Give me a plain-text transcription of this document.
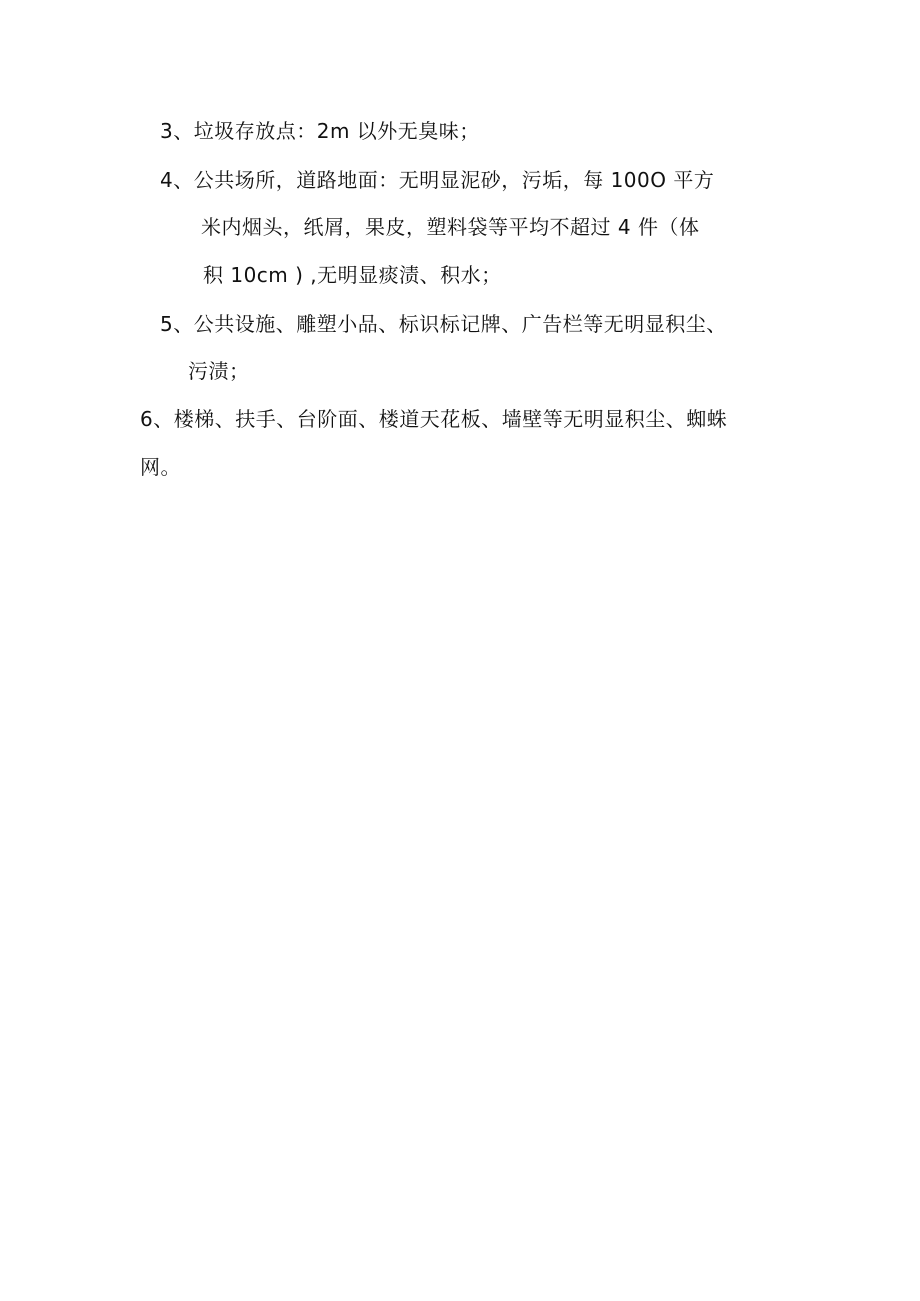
3、垃圾存放点：2m 以外无臭味；
4、公共场所，道路地面：无明显泥砂，污垢，每 100O 平方
米内烟头，纸屑，果皮，塑料袋等平均不超过 4 件（体
积 10cm ) ,无明显痰渍、积水；
5、公共设施、雕塑小品、标识标记牌、广告栏等无明显积尘、
污渍；
6、楼梯、扶手、台阶面、楼道天花板、墙壁等无明显积尘、蜘蛛
网。
